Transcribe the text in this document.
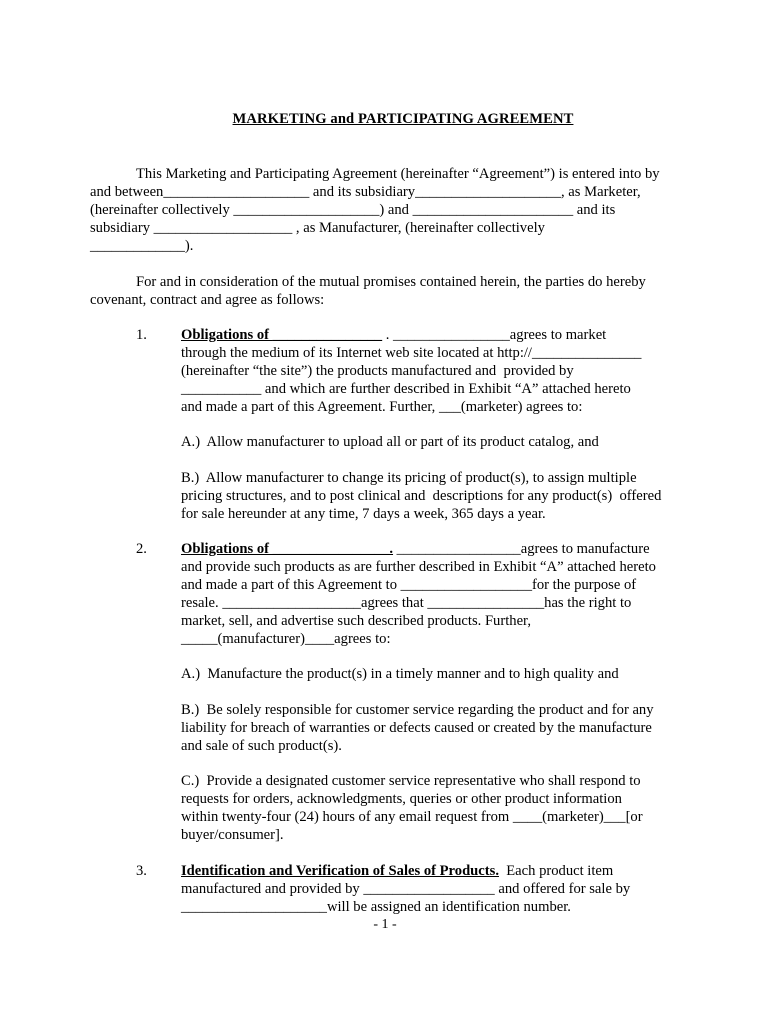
MARKETING and PARTICIPATING AGREEMENT
This Marketing and Participating Agreement (hereinafter “Agreement”) is entered into by
and between____________________ and its subsidiary____________________, as Marketer,
(hereinafter collectively ____________________) and ______________________ and its
subsidiary ___________________ , as Manufacturer, (hereinafter collectively
_____________).
For and in consideration of the mutual promises contained herein, the parties do hereby
covenant, contract and agree as follows:
1. Obligations of _______________ . ________________agrees to market
through the medium of its Internet web site located at http://_______________
(hereinafter “the site”) the products manufactured and  provided by
___________ and which are further described in Exhibit “A” attached hereto
and made a part of this Agreement. Further, ___(marketer) agrees to:
A.)  Allow manufacturer to upload all or part of its product catalog, and
B.)  Allow manufacturer to change its pricing of product(s), to assign multiple
pricing structures, and to post clinical and  descriptions for any product(s)  offered
for sale hereunder at any time, 7 days a week, 365 days a year.
2. Obligations of ________________. _________________agrees to manufacture
and provide such products as are further described in Exhibit “A” attached hereto
and made a part of this Agreement to __________________for the purpose of
resale. ___________________agrees that ________________has the right to
market, sell, and advertise such described products. Further,
_____(manufacturer)____agrees to:
A.)  Manufacture the product(s) in a timely manner and to high quality and
B.)  Be solely responsible for customer service regarding the product and for any
liability for breach of warranties or defects caused or created by the manufacture
and sale of such product(s).
C.)  Provide a designated customer service representative who shall respond to
requests for orders, acknowledgments, queries or other product information
within twenty-four (24) hours of any email request from ____(marketer)___[or
buyer/consumer].
3. Identification and Verification of Sales of Products.  Each product item
manufactured and provided by __________________ and offered for sale by
____________________will be assigned an identification number.
- 1 -
